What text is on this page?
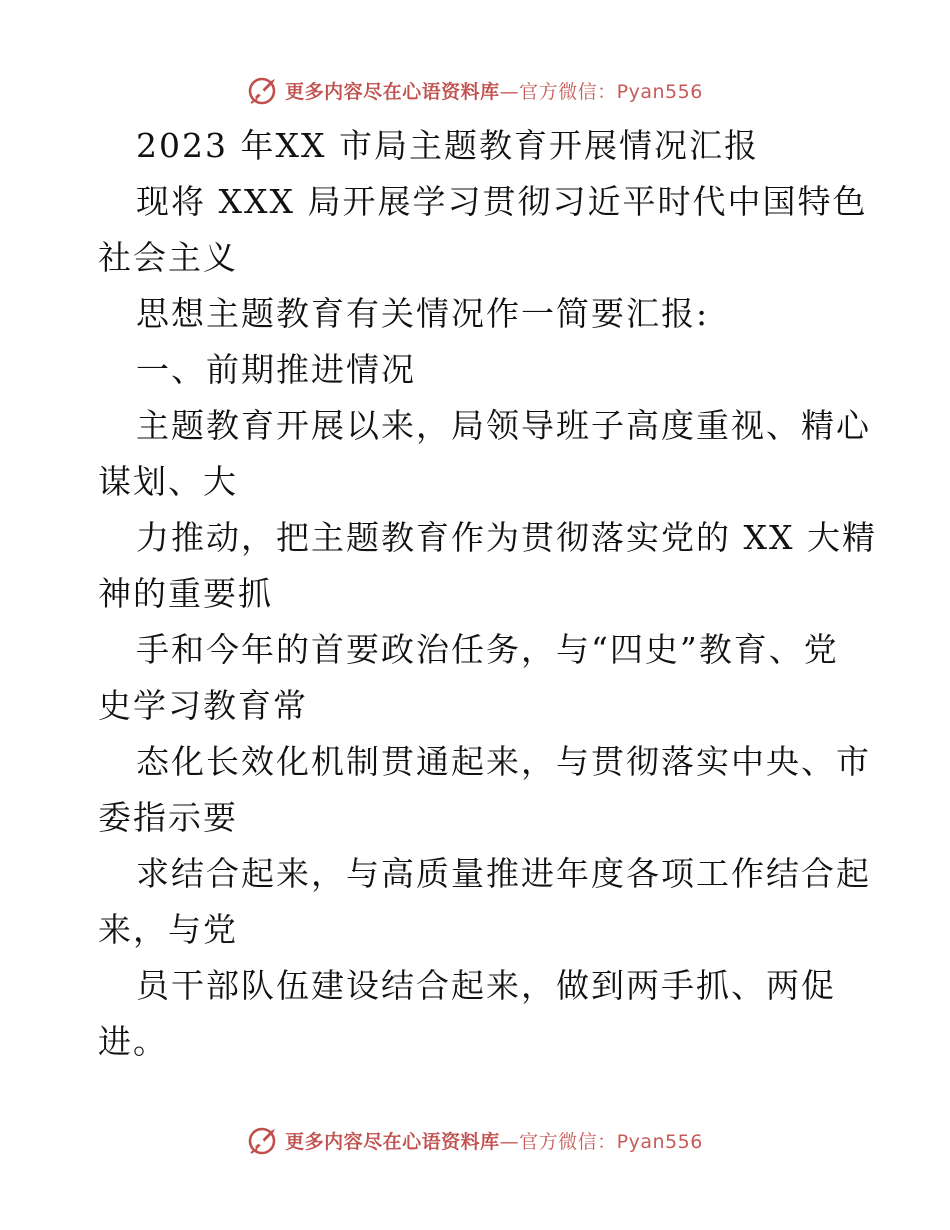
更多内容尽在心语资料库—官方微信：Pyan556
2023 年XX 市局主题教育开展情况汇报
现将 XXX 局开展学习贯彻习近平时代中国特色
社会主义
思想主题教育有关情况作一简要汇报:
一、前期推进情况
主题教育开展以来，局领导班子高度重视、精心
谋划、大
力推动，把主题教育作为贯彻落实党的 XX 大精
神的重要抓
手和今年的首要政治任务，与“四史”教育、党
史学习教育常
态化长效化机制贯通起来，与贯彻落实中央、市
委指示要
求结合起来，与高质量推进年度各项工作结合起
来，与党
员干部队伍建设结合起来，做到两手抓、两促
进。
更多内容尽在心语资料库—官方微信：Pyan556
